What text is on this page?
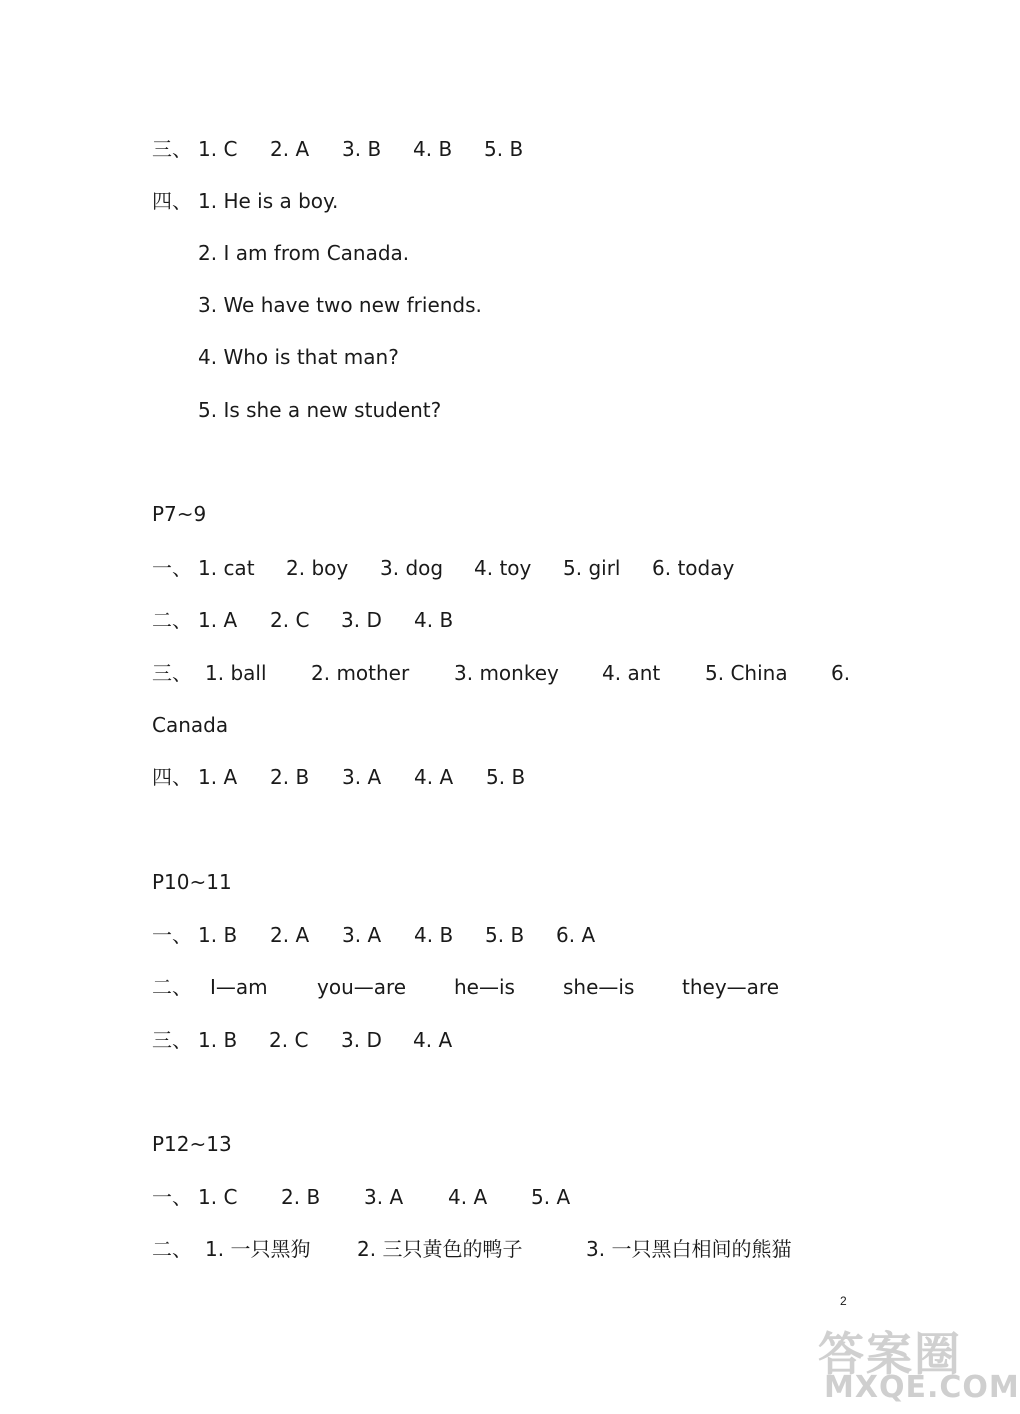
三、 1. C 2. A 3. B 4. B 5. B
四、 1. He is a boy.
2. I am from Canada.
3. We have two new friends.
4. Who is that man?
5. Is she a new student?
P7~9
一、 1. cat 2. boy 3. dog 4. toy 5. girl 6. today
二、 1. A 2. C 3. D 4. B
三、 1. ball 2. mother 3. monkey 4. ant 5. China 6.
Canada
四、 1. A 2. B 3. A 4. A 5. B
P10~11
一、 1. B 2. A 3. A 4. B 5. B 6. A
二、 I—am you—are he—is she—is they—are
三、 1. B 2. C 3. D 4. A
P12~13
一、 1. C 2. B 3. A 4. A 5. A
二、 1. 一只黑狗 2. 三只黄色的鸭子	3. 一只黑白相间的熊猫
2
答案圈
MXQE.COM
